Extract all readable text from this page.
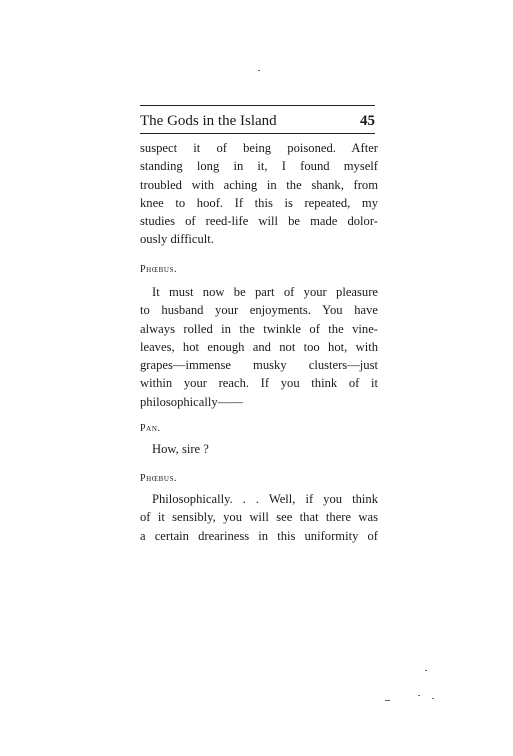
The Gods in the Island	45
suspect it of being poisoned. After
standing long in it, I found myself
troubled with aching in the shank, from
knee to hoof. If this is repeated, my
studies of reed-life will be made dolor-
ously difficult.
Phœbus.
It must now be part of your pleasure
to husband your enjoyments. You have
always rolled in the twinkle of the vine-
leaves, hot enough and not too hot, with
grapes—immense musky clusters—just
within your reach. If you think of it
philosophically——
Pan.
How, sire ?
Phœbus.
Philosophically. . . Well, if you think
of it sensibly, you will see that there was
a certain dreariness in this uniformity of
